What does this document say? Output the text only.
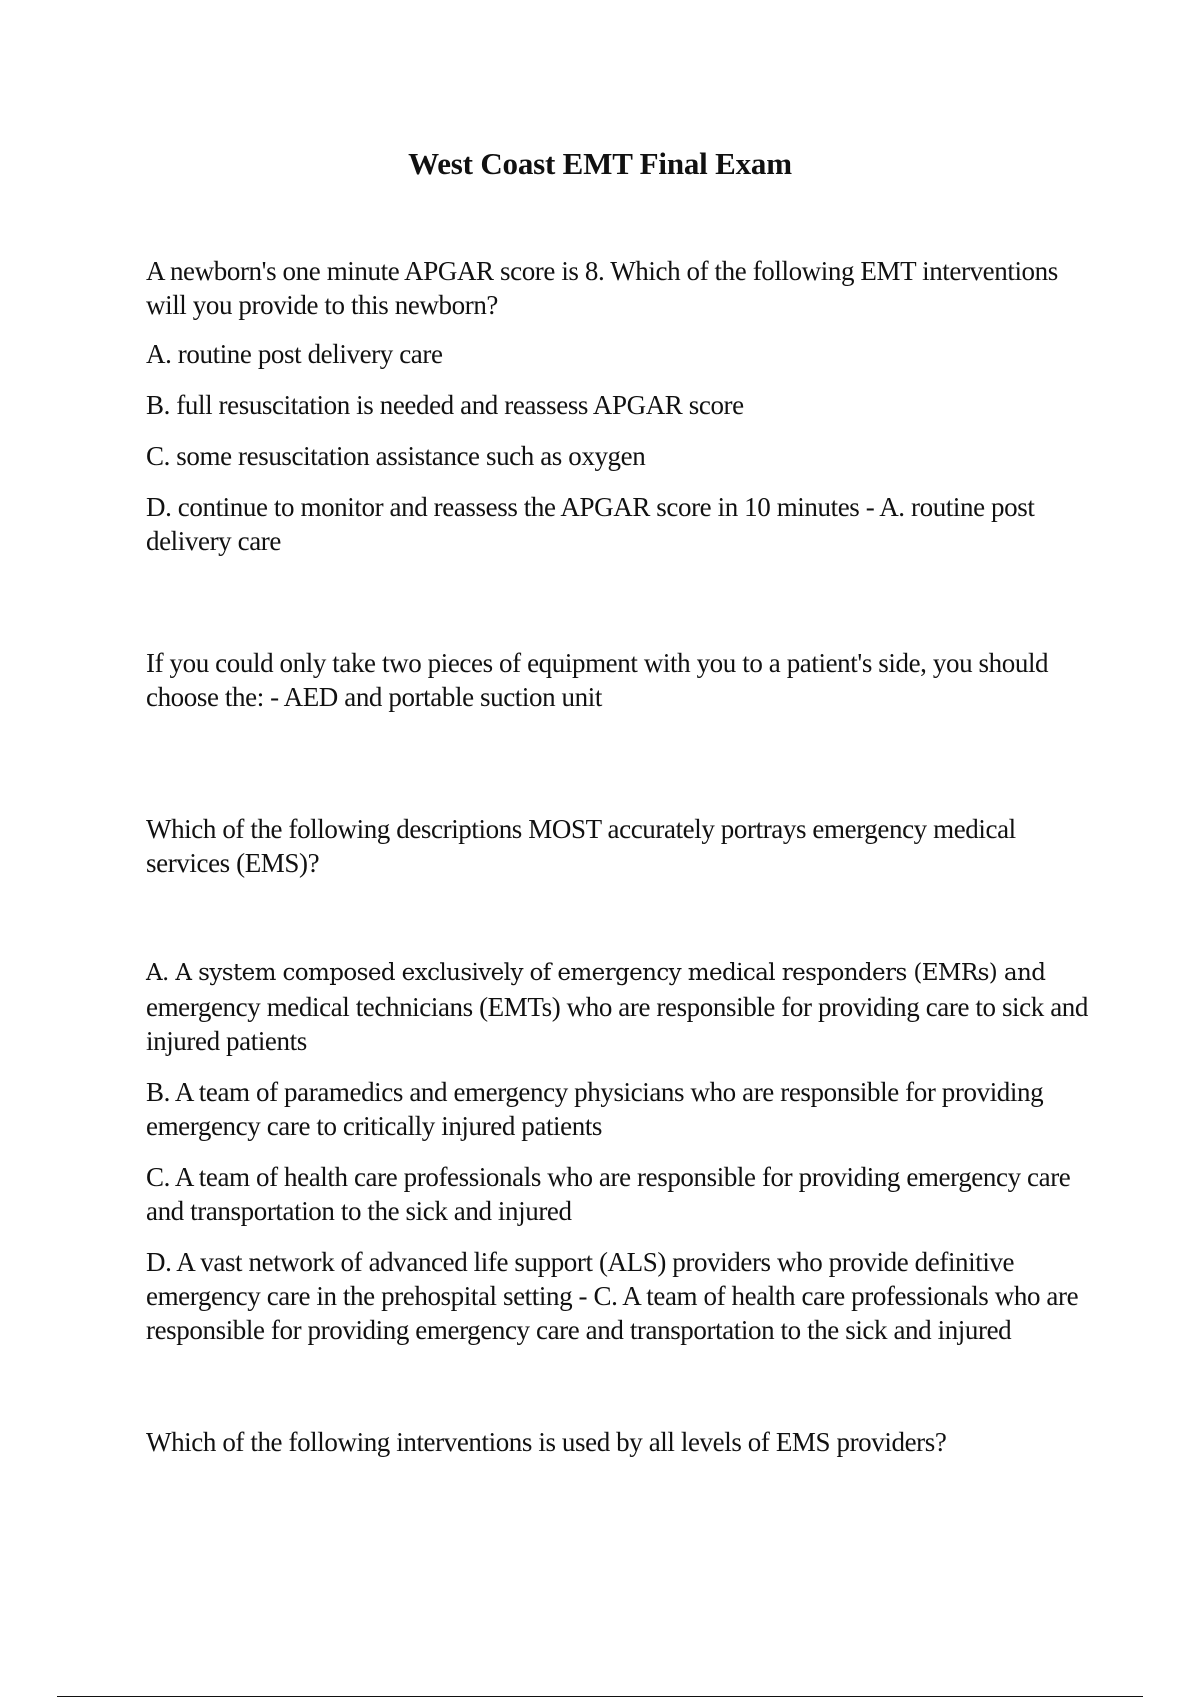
West Coast EMT Final Exam

A newborn's one minute APGAR score is 8. Which of the following EMT interventions will you provide to this newborn?

A. routine post delivery care

B. full resuscitation is needed and reassess APGAR score

C. some resuscitation assistance such as oxygen

D. continue to monitor and reassess the APGAR score in 10 minutes - A. routine post delivery care

If you could only take two pieces of equipment with you to a patient's side, you should choose the: - AED and portable suction unit

Which of the following descriptions MOST accurately portrays emergency medical services (EMS)?

A. A system composed exclusively of emergency medical responders (EMRs) and
emergency medical technicians (EMTs) who are responsible for providing care to sick and injured patients

B. A team of paramedics and emergency physicians who are responsible for providing emergency care to critically injured patients

C. A team of health care professionals who are responsible for providing emergency care and transportation to the sick and injured

D. A vast network of advanced life support (ALS) providers who provide definitive emergency care in the prehospital setting - C. A team of health care professionals who are responsible for providing emergency care and transportation to the sick and injured

Which of the following interventions is used by all levels of EMS providers?
